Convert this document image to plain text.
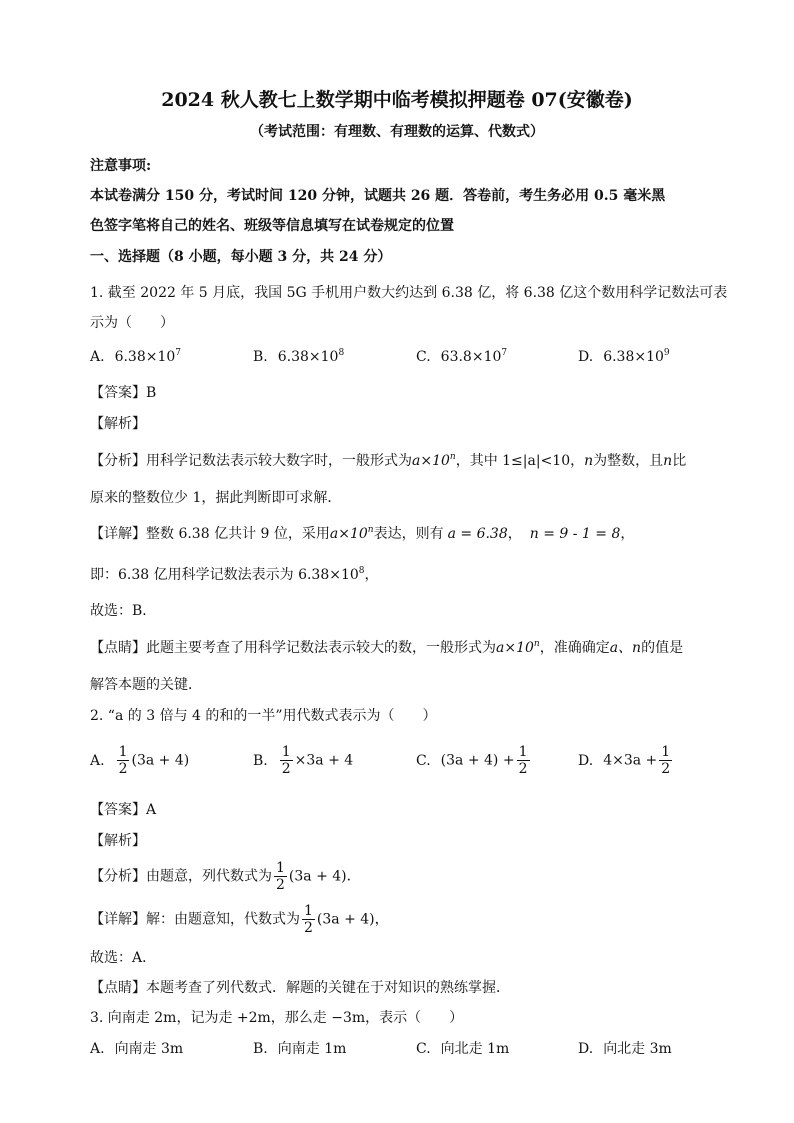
2024 秋人教七上数学期中临考模拟押题卷 07(安徽卷)
（考试范围：有理数、有理数的运算、代数式）
注意事项:
本试卷满分 150 分，考试时间 120 分钟，试题共 26 题．答卷前，考生务必用 0.5 毫米黑
色签字笔将自己的姓名、班级等信息填写在试卷规定的位置
一、选择题（8 小题，每小题 3 分，共 24 分）
1. 截至 2022 年 5 月底，我国 5G 手机用户数大约达到 6.38 亿，将 6.38 亿这个数用科学记数法可表
示为（　　）
A. $6.38\times 10^7$	B. $6.38\times 10^8$	C. $63.8\times 10^7$	D. $6.38\times 10^9$
【答案】B
【解析】
【分析】用科学记数法表示较大数字时，一般形式为$a\times 10^n$，其中 1≤|a|<10，n为整数，且n比
原来的整数位少 1，据此判断即可求解．
【详解】整数 6.38 亿共计 9 位，采用$a\times 10^n$表达，则有 a = 6.38， n = 9 - 1 = 8，
即：6.38 亿用科学记数法表示为 $6.38\times 10^8$，
故选：B．
【点睛】此题主要考查了用科学记数法表示较大的数，一般形式为$a\times 10^n$，准确确定a、n的值是
解答本题的关键．
2. “a 的 3 倍与 4 的和的一半”用代数式表示为（　　）
A. $\frac{1}{2} (3a + 4)$	B. $\frac{1}{2} \times 3a + 4$	C. $(3a + 4) + \frac{1}{2}$	D. $4\times 3a + \frac{1}{2}$
【答案】A
【解析】
【分析】由题意，列代数式为 $\frac{1}{2} (3a + 4)$．
【详解】解：由题意知，代数式为 $\frac{1}{2} (3a + 4)$，
故选：A．
【点睛】本题考查了列代数式．解题的关键在于对知识的熟练掌握．
3. 向南走 2m，记为走 +2m，那么走 −3m，表示（　　）
A. 向南走 3m	B. 向南走 1m	C. 向北走 1m	D. 向北走 3m
